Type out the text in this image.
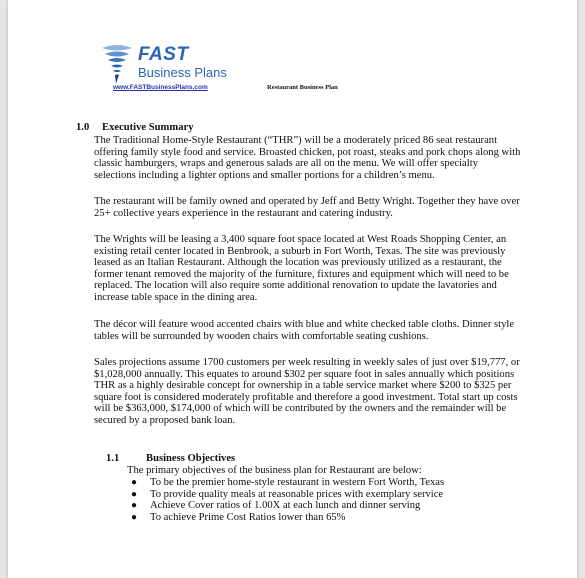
FAST
Business Plans
www.FASTBusinessPlans.com	Restaurant Business Plan
1.0 Executive Summary

The Traditional Home-Style Restaurant (“THR”) will be a moderately priced 86 seat restaurant offering family style food and service. Broasted chicken, pot roast, steaks and pork chops along with classic hamburgers, wraps and generous salads are all on the menu. We will offer specialty selections including a lighter options and smaller portions for a children’s menu.

The restaurant will be family owned and operated by Jeff and Betty Wright. Together they have over 25+ collective years experience in the restaurant and catering industry.

The Wrights will be leasing a 3,400 square foot space located at West Roads Shopping Center, an existing retail center located in Benbrook, a suburb in Fort Worth, Texas. The site was previously leased as an Italian Restaurant. Although the location was previously utilized as a restaurant, the former tenant removed the majority of the furniture, fixtures and equipment which will need to be replaced. The location will also require some additional renovation to update the lavatories and increase table space in the dining area.

The décor will feature wood accented chairs with blue and white checked table cloths. Dinner style tables will be surrounded by wooden chairs with comfortable seating cushions.

Sales projections assume 1700 customers per week resulting in weekly sales of just over $19,777, or $1,028,000 annually. This equates to around $302 per square foot in sales annually which positions THR as a highly desirable concept for ownership in a table service market where $200 to $325 per square foot is considered moderately profitable and therefore a good investment. Total start up costs will be $363,000, $174,000 of which will be contributed by the owners and the remainder will be secured by a proposed bank loan.

1.1	Business Objectives
The primary objectives of the business plan for Restaurant are below:
● To be the premier home-style restaurant in western Fort Worth, Texas
● To provide quality meals at reasonable prices with exemplary service
● Achieve Cover ratios of 1.00X at each lunch and dinner serving
● To achieve Prime Cost Ratios lower than 65%
